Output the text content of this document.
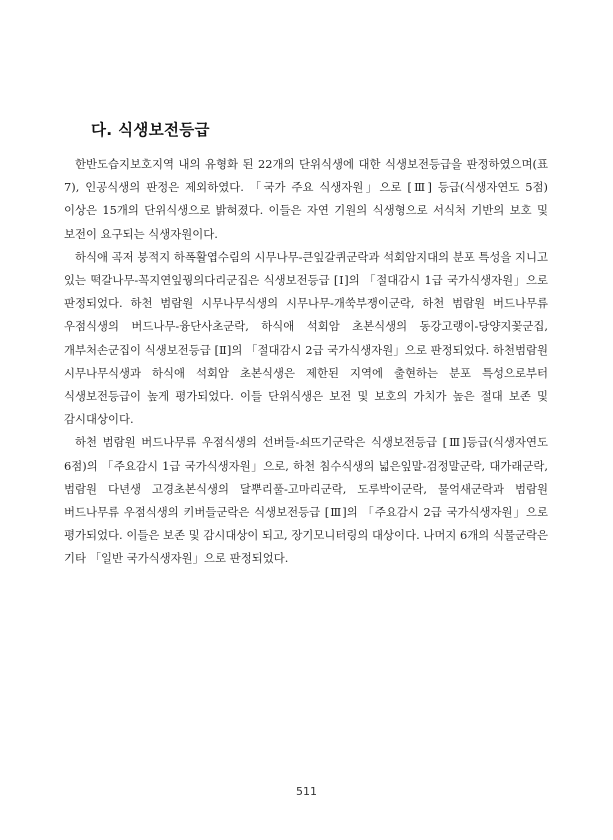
다. 식생보전등급

한반도습지보호지역 내의 유형화 된 22개의 단위식생에 대한 식생보전등급을 판정하였으며(표 7), 인공식생의 판정은 제외하였다. 「국가 주요 식생자원」으로 [Ⅲ] 등급(식생자연도 5점) 이상은 15개의 단위식생으로 밝혀졌다. 이들은 자연 기원의 식생형으로 서식처 기반의 보호 및 보전이 요구되는 식생자원이다.

하식애 곡저 붕적지 하폭활엽수림의 시무나무-큰잎갈퀴군락과 석회암지대의 분포 특성을 지니고 있는 떡갈나무-꼭지연잎꿩의다리군집은 식생보전등급 [Ⅰ]의 「절대감시 1급 국가식생자원」으로 판정되었다. 하천 범람원 시무나무식생의 시무나무-개쑥부쟁이군락, 하천 범람원 버드나무류 우점식생의 버드나무-융단사초군락, 하식애 석회암 초본식생의 동강고랭이-당양지꽃군집, 개부처손군집이 식생보전등급 [Ⅱ]의 「절대감시 2급 국가식생자원」으로 판정되었다. 하천범람원 시무나무식생과 하식애 석회암 초본식생은 제한된 지역에 출현하는 분포 특성으로부터 식생보전등급이 높게 평가되었다. 이들 단위식생은 보전 및 보호의 가치가 높은 절대 보존 및 감시대상이다.

하천 범람원 버드나무류 우점식생의 선버들-쇠뜨기군락은 식생보전등급 [Ⅲ]등급(식생자연도 6점)의 「주요감시 1급 국가식생자원」으로, 하천 침수식생의 넓은잎말-검정말군락, 대가래군락, 범람원 다년생 고경초본식생의 달뿌리풀-고마리군락, 도루박이군락, 물억새군락과 범람원 버드나무류 우점식생의 키버들군락은 식생보전등급 [Ⅲ]의 「주요감시 2급 국가식생자원」으로 평가되었다. 이들은 보존 및 감시대상이 되고, 장기모니터링의 대상이다. 나머지 6개의 식물군락은 기타 「일반 국가식생자원」으로 판정되었다.

511
